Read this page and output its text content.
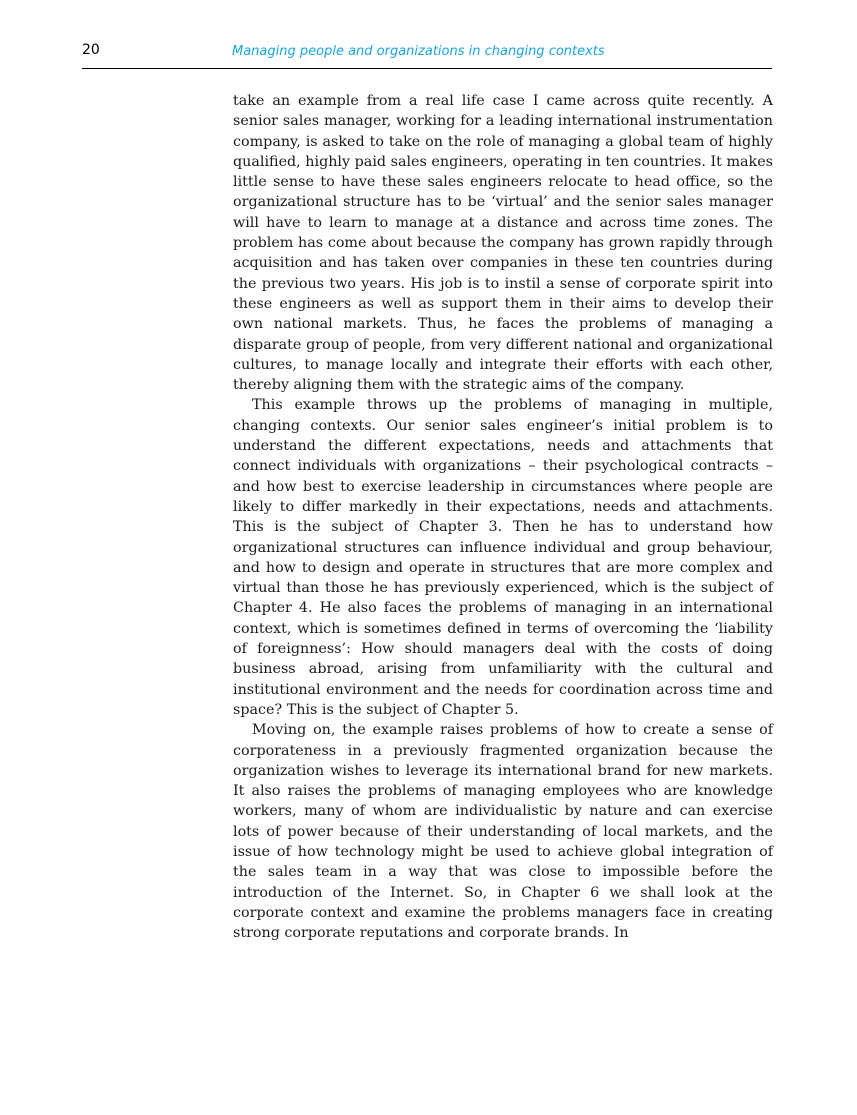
20	Managing people and organizations in changing contexts

take an example from a real life case I came across quite recently. A senior sales manager, working for a leading international instrumentation company, is asked to take on the role of managing a global team of highly qualified, highly paid sales engineers, operating in ten countries. It makes little sense to have these sales engineers relocate to head office, so the organizational structure has to be ‘virtual’ and the senior sales manager will have to learn to manage at a distance and across time zones. The problem has come about because the company has grown rapidly through acquisition and has taken over companies in these ten countries during the previous two years. His job is to instil a sense of corporate spirit into these engineers as well as support them in their aims to develop their own national markets. Thus, he faces the problems of managing a disparate group of people, from very different national and organizational cultures, to manage locally and integrate their efforts with each other, thereby aligning them with the strategic aims of the company.

This example throws up the problems of managing in multiple, changing contexts. Our senior sales engineer’s initial problem is to understand the different expectations, needs and attachments that connect individuals with organizations – their psychological contracts – and how best to exercise leadership in circumstances where people are likely to differ markedly in their expectations, needs and attachments. This is the subject of Chapter 3. Then he has to understand how organizational structures can influence individual and group behaviour, and how to design and operate in structures that are more complex and virtual than those he has previously experienced, which is the subject of Chapter 4. He also faces the problems of managing in an international context, which is sometimes defined in terms of overcoming the ‘liability of foreignness’: How should managers deal with the costs of doing business abroad, arising from unfamiliarity with the cultural and institutional environment and the needs for coordination across time and space? This is the subject of Chapter 5.

Moving on, the example raises problems of how to create a sense of corporateness in a previously fragmented organization because the organization wishes to leverage its international brand for new markets. It also raises the problems of managing employees who are knowledge workers, many of whom are individualistic by nature and can exercise lots of power because of their understanding of local markets, and the issue of how technology might be used to achieve global integration of the sales team in a way that was close to impossible before the introduction of the Internet. So, in Chapter 6 we shall look at the corporate context and examine the problems managers face in creating strong corporate reputations and corporate brands. In
